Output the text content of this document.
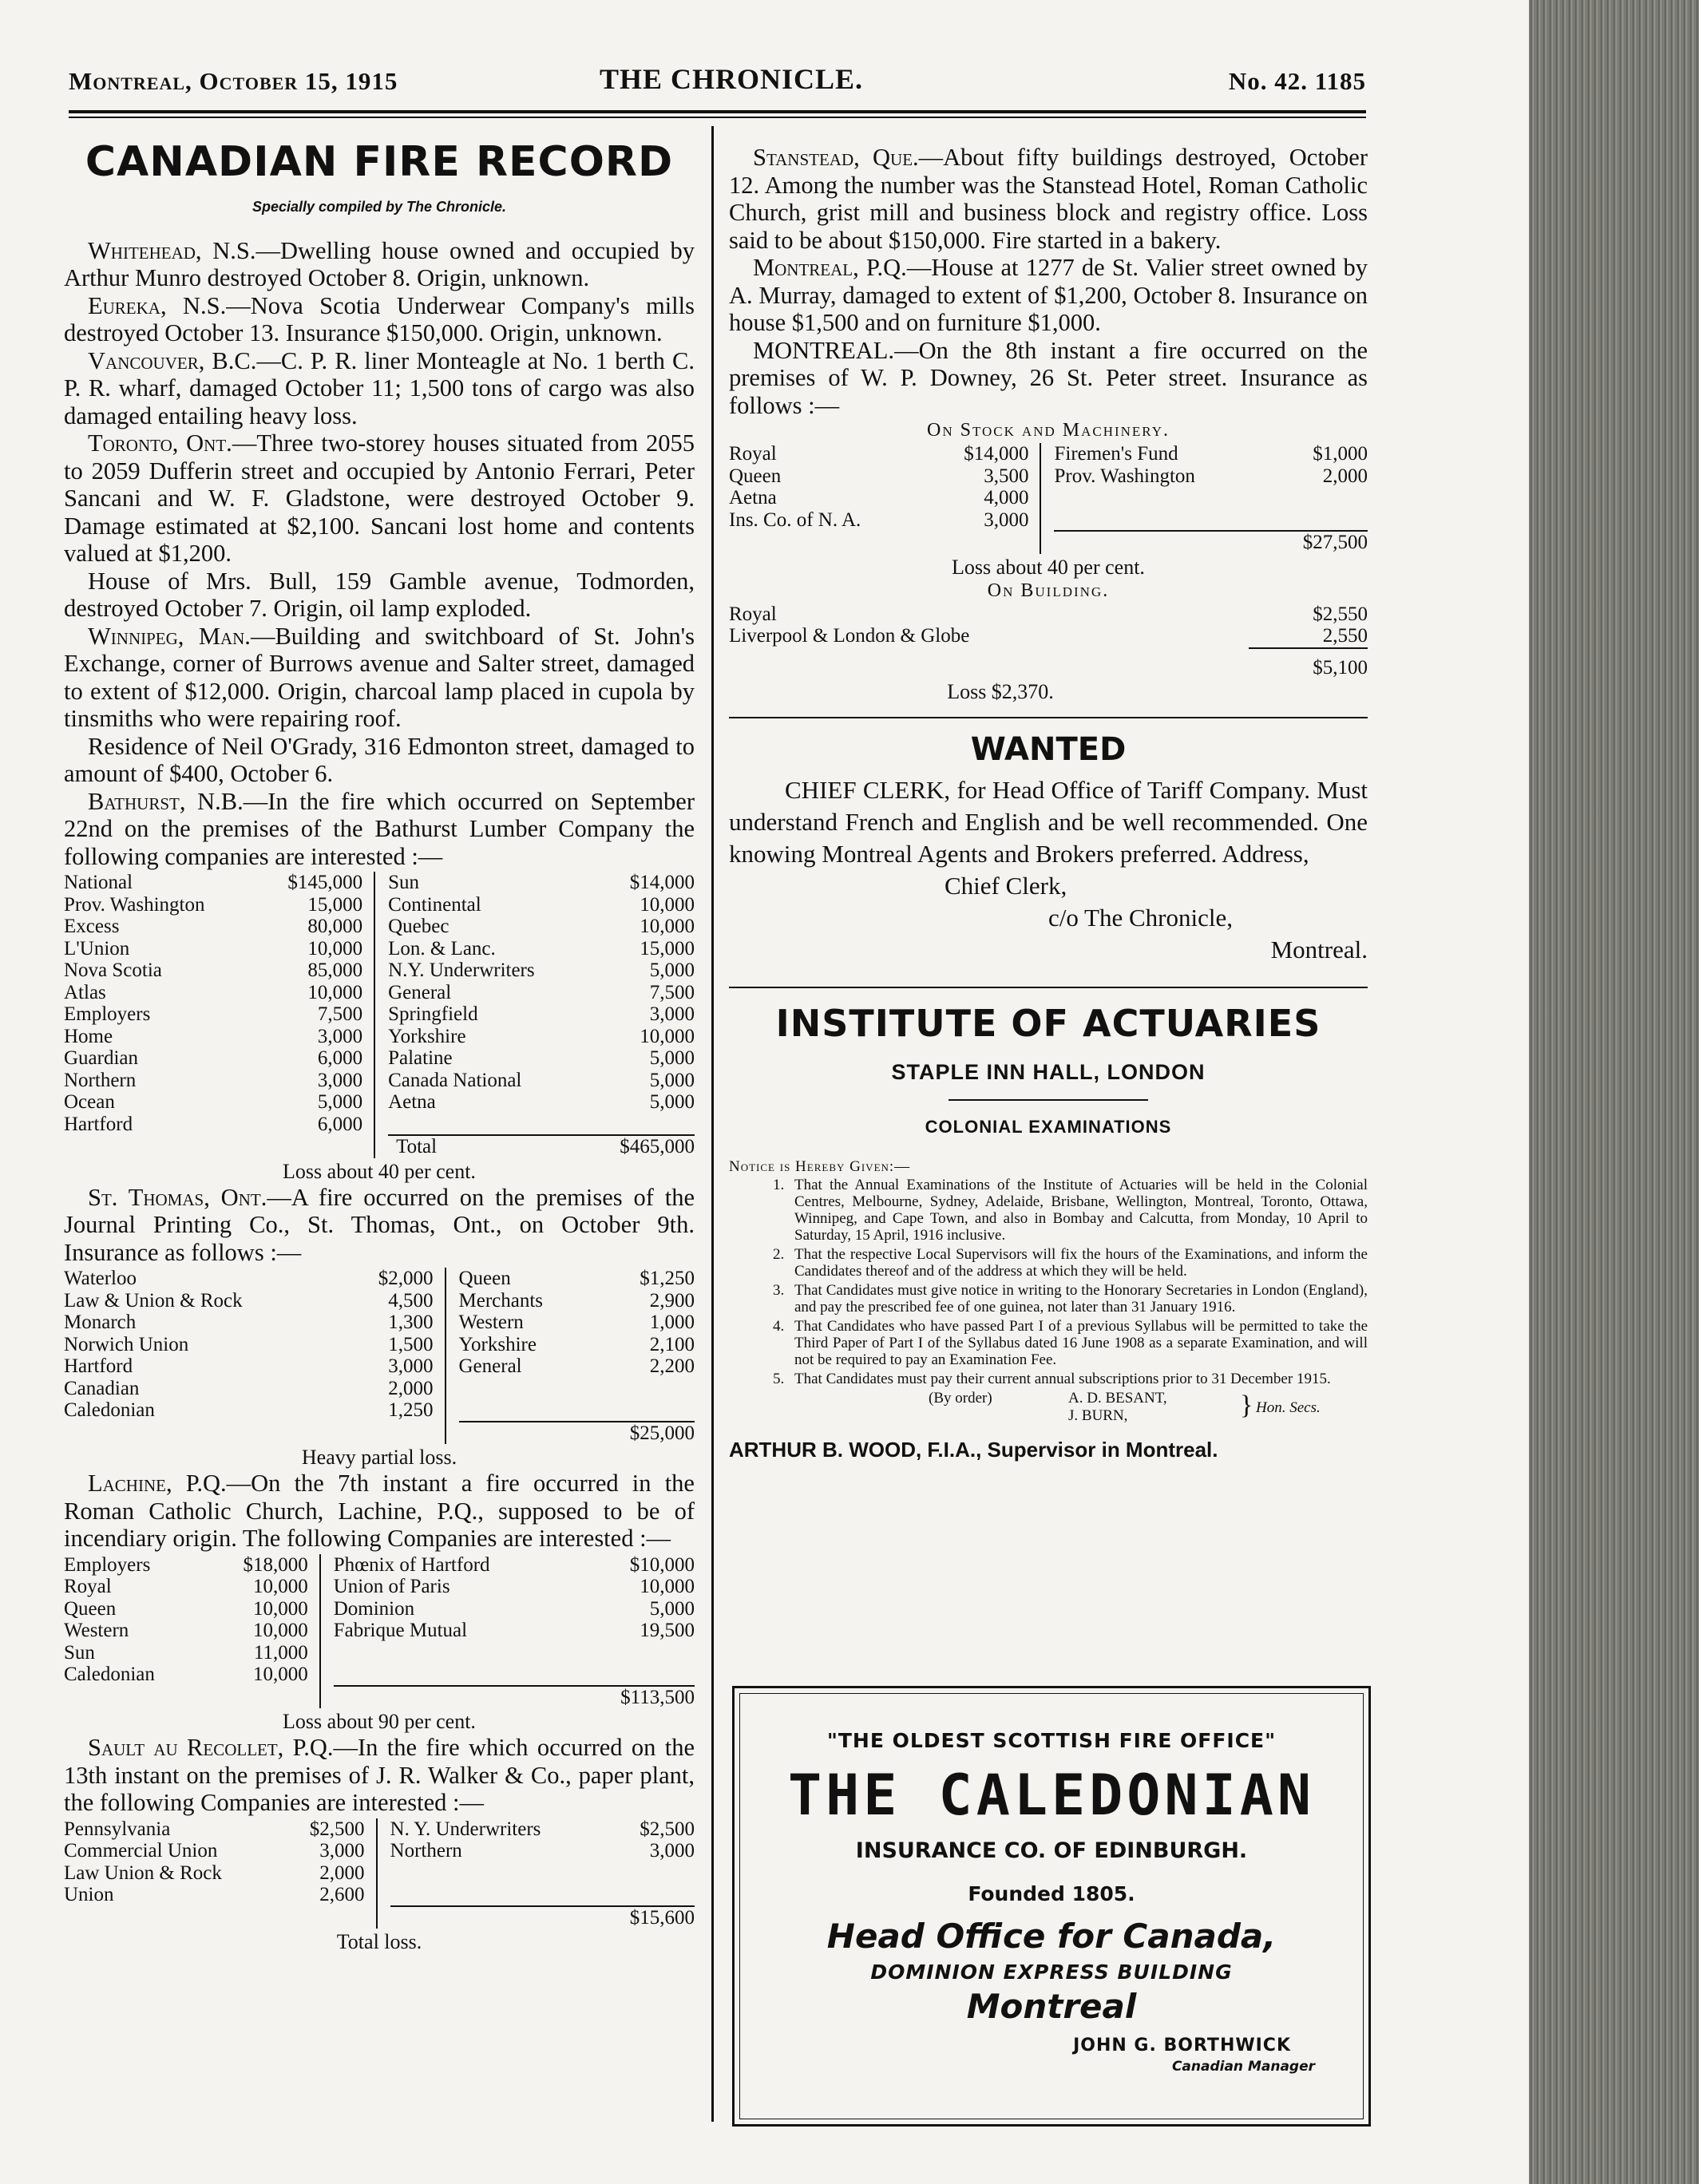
Montreal, October 15, 1915	THE CHRONICLE.	No. 42. 1185
CANADIAN FIRE RECORD
Specially compiled by The Chronicle.

Whitehead, N.S.—Dwelling house owned and occupied by Arthur Munro destroyed October 8. Origin, unknown.

Eureka, N.S.—Nova Scotia Underwear Company's mills destroyed October 13. Insurance $150,000. Origin, unknown.

Vancouver, B.C.—C. P. R. liner Monteagle at No. 1 berth C. P. R. wharf, damaged October 11; 1,500 tons of cargo was also damaged entailing heavy loss.

Toronto, Ont.—Three two-storey houses situated from 2055 to 2059 Dufferin street and occupied by Antonio Ferrari, Peter Sancani and W. F. Gladstone, were destroyed October 9. Damage estimated at $2,100. Sancani lost home and contents valued at $1,200.

House of Mrs. Bull, 159 Gamble avenue, Todmorden, destroyed October 7. Origin, oil lamp exploded.

Winnipeg, Man.—Building and switchboard of St. John's Exchange, corner of Burrows avenue and Salter street, damaged to extent of $12,000. Origin, charcoal lamp placed in cupola by tinsmiths who were repairing roof.

Residence of Neil O'Grady, 316 Edmonton street, damaged to amount of $400, October 6.

Bathurst, N.B.—In the fire which occurred on September 22nd on the premises of the Bathurst Lumber Company the following companies are interested :—

National	$145,000			Sun	$14,000
Prov. Washington	15,000			Continental	10,000
Excess	80,000			Quebec	10,000
L'Union	10,000			Lon. & Lanc.	15,000
Nova Scotia	85,000			N.Y. Underwriters	5,000
Atlas	10,000			General	7,500
Employers	7,500			Springfield	3,000
Home	3,000			Yorkshire	10,000
Guardian	6,000			Palatine	5,000
Northern	3,000			Canada National	5,000
Ocean	5,000			Aetna	5,000
Hartford	6,000				
				Total	$465,000
Loss about 40 per cent.

St. Thomas, Ont.—A fire occurred on the premises of the Journal Printing Co., St. Thomas, Ont., on October 9th. Insurance as follows :—

Waterloo	$2,000			Queen	$1,250
Law & Union & Rock	4,500			Merchants	2,900
Monarch	1,300			Western	1,000
Norwich Union	1,500			Yorkshire	2,100
Hartford	3,000			General	2,200
Canadian	2,000				
Caledonian	1,250				
					$25,000
Heavy partial loss.

Lachine, P.Q.—On the 7th instant a fire occurred in the Roman Catholic Church, Lachine, P.Q., supposed to be of incendiary origin. The following Companies are interested :—

Employers	$18,000			Phœnix of Hartford	$10,000
Royal	10,000			Union of Paris	10,000
Queen	10,000			Dominion	5,000
Western	10,000			Fabrique Mutual	19,500
Sun	11,000				
Caledonian	10,000				
					$113,500
Loss about 90 per cent.

Sault au Recollet, P.Q.—In the fire which occurred on the 13th instant on the premises of J. R. Walker & Co., paper plant, the following Companies are interested :—

Pennsylvania	$2,500			N. Y. Underwriters	$2,500
Commercial Union	3,000			Northern	3,000
Law Union & Rock	2,000				
Union	2,600				
					$15,600
Total loss.

Stanstead, Que.—About fifty buildings destroyed, October 12. Among the number was the Stanstead Hotel, Roman Catholic Church, grist mill and business block and registry office. Loss said to be about $150,000. Fire started in a bakery.

Montreal, P.Q.—House at 1277 de St. Valier street owned by A. Murray, damaged to extent of $1,200, October 8. Insurance on house $1,500 and on furniture $1,000.

MONTREAL.—On the 8th instant a fire occurred on the premises of W. P. Downey, 26 St. Peter street. Insurance as follows :—

On Stock and Machinery.
Royal	$14,000			Firemen's Fund	$1,000
Queen	3,500			Prov. Washington	2,000
Aetna	4,000				
Ins. Co. of N. A.	3,000				
					$27,500
Loss about 40 per cent.
On Building.
Royal	$2,550
Liverpool & London & Globe	2,550
	$5,100
Loss $2,370.
WANTED

CHIEF CLERK, for Head Office of Tariff Company. Must understand French and English and be well recommended. One knowing Montreal Agents and Brokers preferred. Address,

Chief Clerk,

c/o The Chronicle,

Montreal.

INSTITUTE OF ACTUARIES
STAPLE INN HALL, LONDON
COLONIAL EXAMINATIONS
Notice is Hereby Given:—
1. That the Annual Examinations of the Institute of Actuaries will be held in the Colonial Centres, Melbourne, Sydney, Adelaide, Brisbane, Wellington, Montreal, Toronto, Ottawa, Winnipeg, and Cape Town, and also in Bombay and Calcutta, from Monday, 10 April to Saturday, 15 April, 1916 inclusive.
2. That the respective Local Supervisors will fix the hours of the Examinations, and inform the Candidates thereof and of the address at which they will be held.
3. That Candidates must give notice in writing to the Honorary Secretaries in London (England), and pay the prescribed fee of one guinea, not later than 31 January 1916.
4. That Candidates who have passed Part I of a previous Syllabus will be permitted to take the Third Paper of Part I of the Syllabus dated 16 June 1908 as a separate Examination, and will not be required to pay an Examination Fee.
5. That Candidates must pay their current annual subscriptions prior to 31 December 1915.
(By order)	A. D. BESANT,
J. BURN,	} Hon. Secs.
ARTHUR B. WOOD, F.I.A., Supervisor in Montreal.
"THE OLDEST SCOTTISH FIRE OFFICE"
THE CALEDONIAN
INSURANCE CO. OF EDINBURGH.
Founded 1805.
Head Office for Canada,
DOMINION EXPRESS BUILDING
Montreal
JOHN G. BORTHWICK
Canadian Manager
